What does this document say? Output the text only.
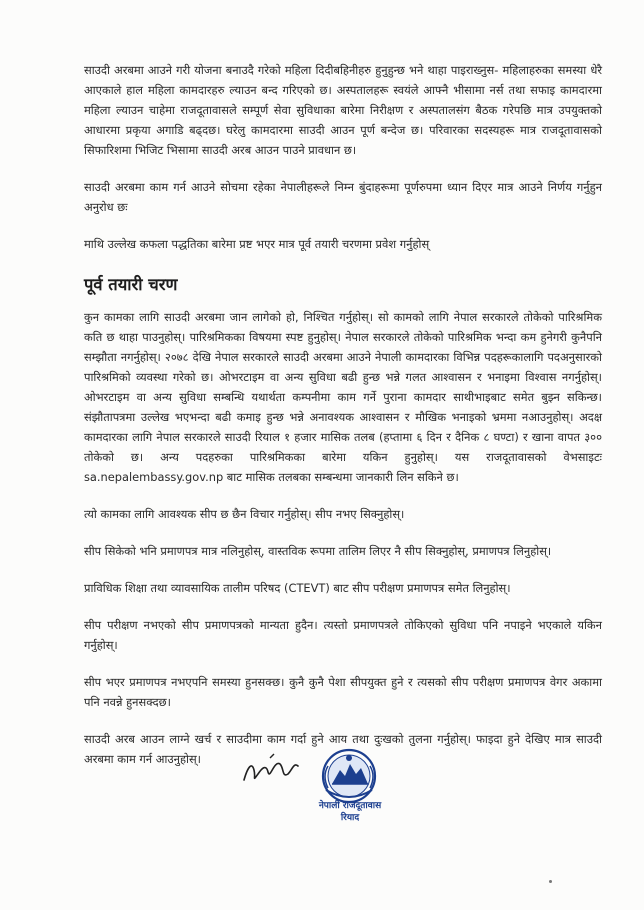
साउदी अरबमा आउने गरी योजना बनाउदै गरेको महिला दिदीबहिनीहरु हुनुहुन्छ भने थाहा पाइराख्नुस- महिलाहरुका समस्या धेरै आएकाले हाल महिला कामदारहरु ल्याउन बन्द गरिएको छ। अस्पतालहरू स्वयंले आफ्नै भीसामा नर्स तथा सफाइ कामदारमा महिला ल्याउन चाहेमा राजदूतावासले सम्पूर्ण सेवा सुविधाका बारेमा निरीक्षण र अस्पतालसंग बैठक गरेपछि मात्र उपयुक्तको आधारमा प्रकृया अगाडि बढ्दछ। घरेलु कामदारमा साउदी आउन पूर्ण बन्देज छ। परिवारका सदस्यहरू मात्र राजदूतावासको सिफारिशमा भिजिट भिसामा साउदी अरब आउन पाउने प्रावधान छ।

साउदी अरबमा काम गर्न आउने सोचमा रहेका नेपालीहरूले निम्न बुंदाहरूमा पूर्णरुपमा ध्यान दिएर मात्र आउने निर्णय गर्नुहुन अनुरोध छः

माथि उल्लेख कफला पद्धतिका बारेमा प्रष्ट भएर मात्र पूर्व तयारी चरणमा प्रवेश गर्नुहोस्

पूर्व तयारी चरण

कुन कामका लागि साउदी अरबमा जान लागेको हो, निश्चित गर्नुहोस्। सो कामको लागि नेपाल सरकारले तोकेको पारिश्रमिक कति छ थाहा पाउनुहोस्। पारिश्रमिकका विषयमा स्पष्ट हुनुहोस्। नेपाल सरकारले तोकेको पारिश्रमिक भन्दा कम हुनेगरी कुनैपनि सम्झौता नगर्नुहोस्। २०७८ देखि नेपाल सरकारले साउदी अरबमा आउने नेपाली कामदारका विभिन्न पदहरूकालागि पदअनुसारको पारिश्रमिको व्यवस्था गरेको छ। ओभरटाइम वा अन्य सुविधा बढी हुन्छ भन्ने गलत आश्वासन र भनाइमा विश्वास नगर्नुहोस्। ओभरटाइम वा अन्य सुविधा सम्बन्धि यथार्थता कम्पनीमा काम गर्ने पुराना कामदार साथीभाइबाट समेत बुझ्न सकिन्छ। संझौतापत्रमा उल्लेख भएभन्दा बढी कमाइ हुन्छ भन्ने अनावश्यक आश्वासन र मौखिक भनाइको भ्रममा नआउनुहोस्। अदक्ष कामदारका लागि नेपाल सरकारले साउदी रियाल १ हजार मासिक तलब (हप्तामा ६ दिन र दैनिक ८ घण्टा) र खाना वापत ३०० तोकेको छ। अन्य पदहरुका पारिश्रमिकका बारेमा यकिन हुनुहोस्। यस राजदूतावासको वेभसाइटः sa.nepalembassy.gov.np बाट मासिक तलबका सम्बन्धमा जानकारी लिन सकिने छ।

त्यो कामका लागि आवश्यक सीप छ छैन विचार गर्नुहोस्। सीप नभए सिक्नुहोस्।

सीप सिकेको भनि प्रमाणपत्र मात्र नलिनुहोस्, वास्तविक रूपमा तालिम लिएर नै सीप सिक्नुहोस्, प्रमाणपत्र लिनुहोस्।

प्राविधिक शिक्षा तथा व्यावसायिक तालीम परिषद (CTEVT) बाट सीप परीक्षण प्रमाणपत्र समेत लिनुहोस्।

सीप परीक्षण नभएको सीप प्रमाणपत्रको मान्यता हुदैन। त्यस्तो प्रमाणपत्रले तोकिएको सुविधा पनि नपाइने भएकाले यकिन गर्नुहोस्।

सीप भएर प्रमाणपत्र नभएपनि समस्या हुनसक्छ। कुनै कुनै पेशा सीपयुक्त हुने र त्यसको सीप परीक्षण प्रमाणपत्र वेगर अकामा पनि नवन्ने हुनसक्दछ।

साउदी अरब आउन लाग्ने खर्च र साउदीमा काम गर्दा हुने आय तथा दुःखको तुलना गर्नुहोस्। फाइदा हुने देखिए मात्र साउदी अरबमा काम गर्न आउनुहोस्।

नेपाली राजदूतावास
रियाद
